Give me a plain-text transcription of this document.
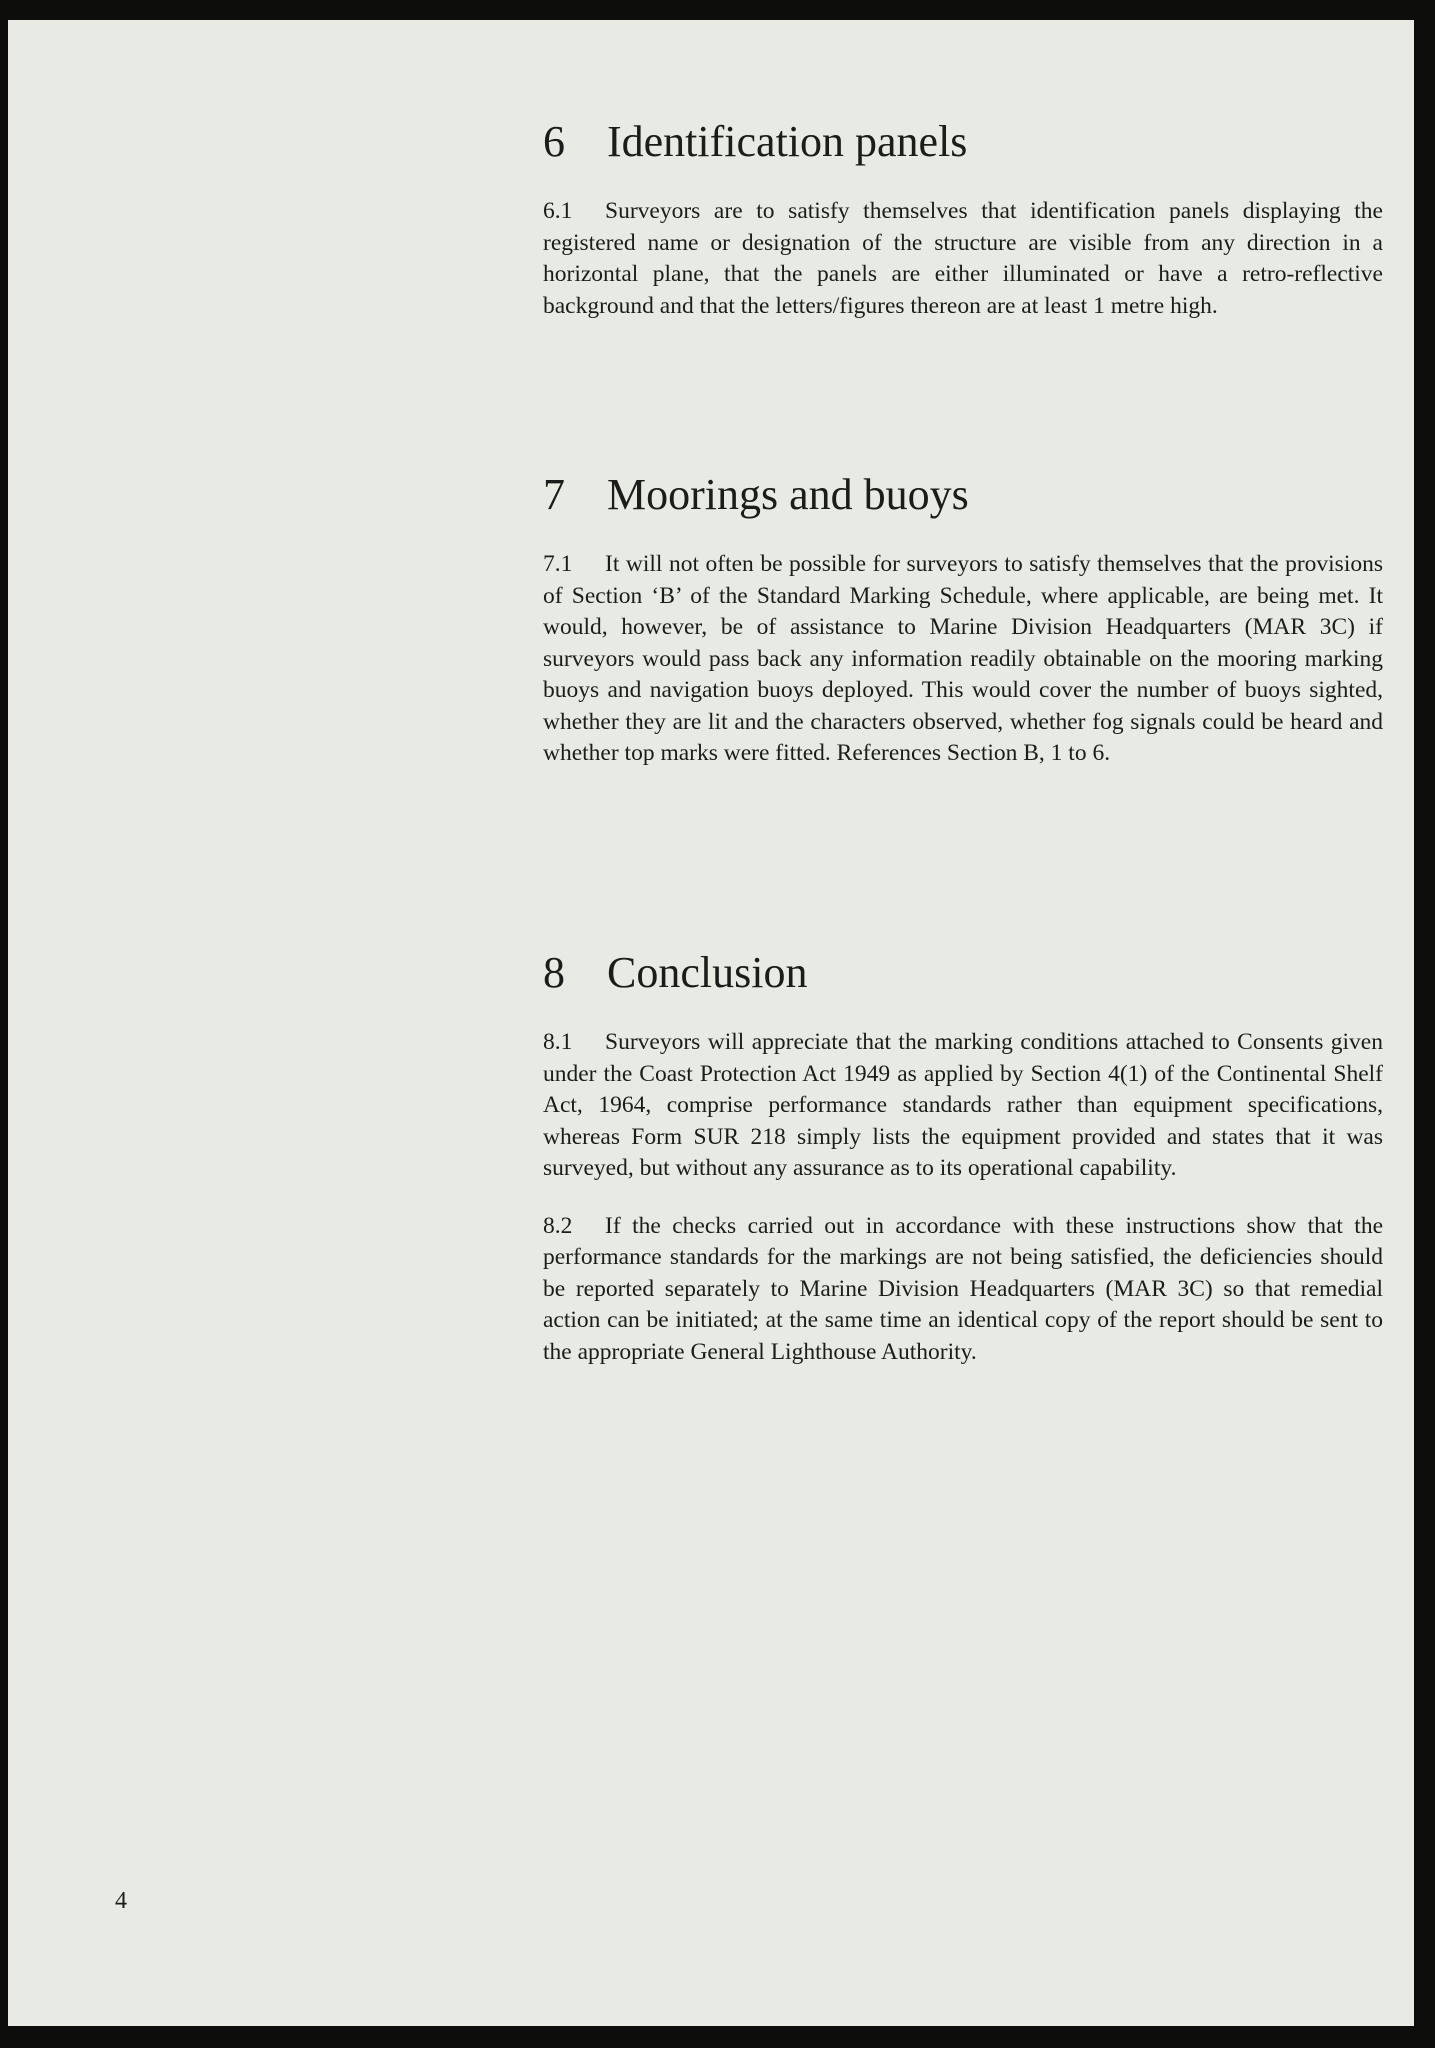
6 Identification panels

6.1 Surveyors are to satisfy themselves that identification panels displaying the registered name or designation of the structure are visible from any direction in a horizontal plane, that the panels are either illuminated or have a retro-reflective background and that the letters/figures thereon are at least 1 metre high.

7 Moorings and buoys

7.1 It will not often be possible for surveyors to satisfy themselves that the provisions of Section ‘B’ of the Standard Marking Schedule, where applicable, are being met. It would, however, be of assistance to Marine Division Headquarters (MAR 3C) if surveyors would pass back any information readily obtainable on the mooring marking buoys and navigation buoys deployed. This would cover the number of buoys sighted, whether they are lit and the characters observed, whether fog signals could be heard and whether top marks were fitted. References Section B, 1 to 6.

8 Conclusion

8.1 Surveyors will appreciate that the marking conditions attached to Consents given under the Coast Protection Act 1949 as applied by Section 4(1) of the Continental Shelf Act, 1964, comprise performance standards rather than equipment specifications, whereas Form SUR 218 simply lists the equipment provided and states that it was surveyed, but without any assurance as to its operational capability.

8.2 If the checks carried out in accordance with these instructions show that the performance standards for the markings are not being satisfied, the deficiencies should be reported separately to Marine Division Headquarters (MAR 3C) so that remedial action can be initiated; at the same time an identical copy of the report should be sent to the appropriate General Lighthouse Authority.

4
